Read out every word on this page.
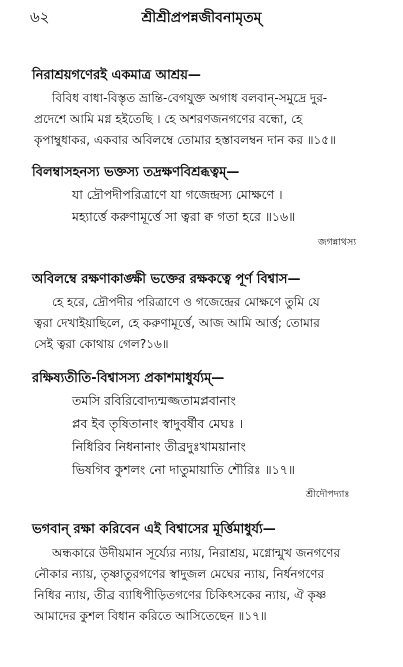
৬২	শ্রীশ্রীপ্রপন্নজীবনামৃতম্
নিরাশ্রয়গণেরই একমাত্র আশ্রয়—
বিবিধ বাধা-বিস্তৃত ভ্রান্তি-বেগযুক্ত অগাধ বলবান্-সমুদ্রে দুর-
প্রদেশে আমি মগ্ন হইতেছি । হে অশরণজনগণের বন্ধো, হে
কৃপাম্বুধাকর, একবার অবিলম্বে তোমার হস্তাবলম্বন দান কর ॥১৫॥
বিলম্বাসহনস্য ভক্তস্য তদ্রক্ষণবিশ্রব্ধত্বম্—
যা দ্রৌপদীপরিত্রাণে যা গজেন্দ্রস্য মোক্ষণে ।
মহ্যার্ত্তে করুণামূর্ত্তে সা ত্বরা ক্ব গতা হরে ॥১৬॥
জগন্নাথস্য
অবিলম্বে রক্ষণাকাঙ্ক্ষী ভক্তের রক্ষকত্বে পূর্ণ বিশ্বাস—
হে হরে, দ্রৌপদীর পরিত্রাণে ও গজেন্দ্রের মোক্ষণে তুমি যে
ত্বরা দেখাইয়াছিলে, হে করুণামূর্ত্তে, আজ আমি আর্ত্ত; তোমার
সেই ত্বরা কোথায় গেল?১৬॥
রক্ষিষ্যতীতি-বিশ্বাসস্য প্রকাশমাধুর্য্যম্—
তমসি রবিরিবোদ্যন্মজ্জতামপ্লবানাং
প্লব ইব তৃষিতানাং স্বাদুবর্ষীব মেঘঃ ।
নিধিরিব নিধনানাং তীব্রদুঃখাময়ানাং
ভিষগিব কুশলং নো দাতুমায়াতি শৌরিঃ ॥১৭॥
শ্রীদৌপদ্যাঃ
ভগবান্ রক্ষা করিবেন এই বিশ্বাসের মূর্ত্তিমাধুর্য্য—
অন্ধকারে উদীয়মান সূর্য্যের ন্যায়, নিরাশ্রয়, মগ্নোন্মুখ জনগণের
নৌকার ন্যায়, তৃষ্ণাতুরগণের স্বাদুজল মেঘের ন্যায়, নির্ধনগণের
নিধির ন্যায়, তীব্র ব্যাধিপীড়িতগণের চিকিৎসকের ন্যায়, ঐ কৃষ্ণ
আমাদের কুশল বিধান করিতে আসিতেছেন ॥১৭॥
